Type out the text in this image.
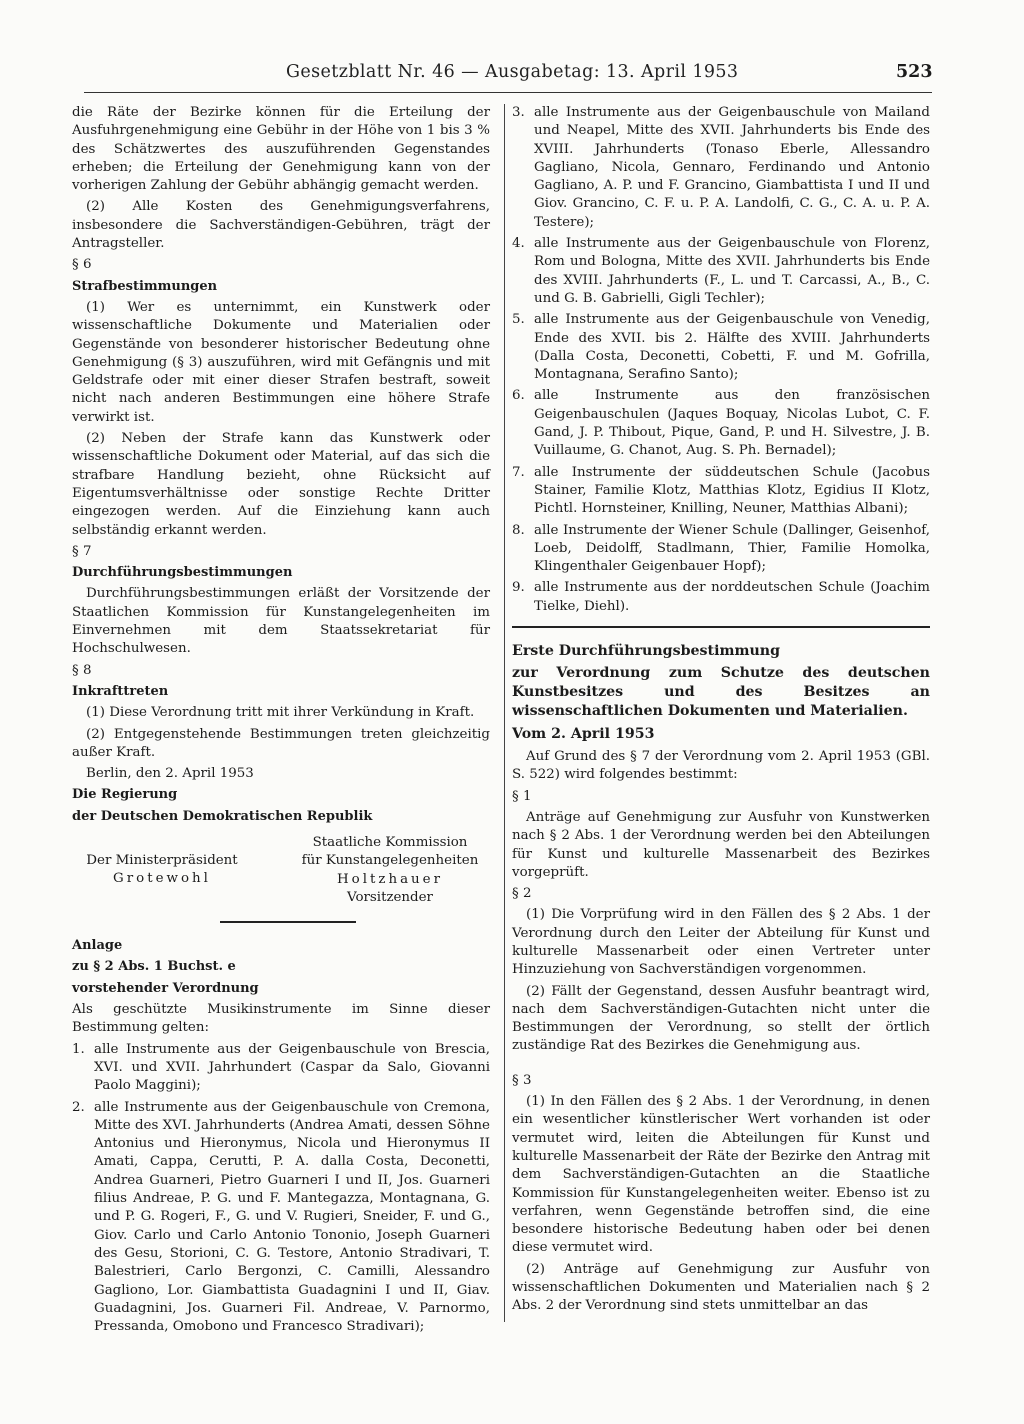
Gesetzblatt Nr. 46 — Ausgabetag: 13. April 1953	523

die Räte der Bezirke können für die Erteilung der Ausfuhrgenehmigung eine Gebühr in der Höhe von 1 bis 3 % des Schätzwertes des auszuführenden Gegenstandes erheben; die Erteilung der Genehmigung kann von der vorherigen Zahlung der Gebühr abhängig gemacht werden.

(2) Alle Kosten des Genehmigungsverfahrens, insbesondere die Sachverständigen-Gebühren, trägt der Antragsteller.

§ 6

Strafbestimmungen

(1) Wer es unternimmt, ein Kunstwerk oder wissenschaftliche Dokumente und Materialien oder Gegenstände von besonderer historischer Bedeutung ohne Genehmigung (§ 3) auszuführen, wird mit Gefängnis und mit Geldstrafe oder mit einer dieser Strafen bestraft, soweit nicht nach anderen Bestimmungen eine höhere Strafe verwirkt ist.

(2) Neben der Strafe kann das Kunstwerk oder wissenschaftliche Dokument oder Material, auf das sich die strafbare Handlung bezieht, ohne Rücksicht auf Eigentumsverhältnisse oder sonstige Rechte Dritter eingezogen werden. Auf die Einziehung kann auch selbständig erkannt werden.

§ 7

Durchführungsbestimmungen

Durchführungsbestimmungen erläßt der Vorsitzende der Staatlichen Kommission für Kunstangelegenheiten im Einvernehmen mit dem Staatssekretariat für Hochschulwesen.

§ 8

Inkrafttreten

(1) Diese Verordnung tritt mit ihrer Verkündung in Kraft.

(2) Entgegenstehende Bestimmungen treten gleichzeitig außer Kraft.

Berlin, den 2. April 1953

Die Regierung

der Deutschen Demokratischen Republik

Der Ministerpräsident
Grotewohl
Staatliche Kommission
für Kunstangelegenheiten
Holtzhauer
Vorsitzender

Anlage

zu § 2 Abs. 1 Buchst. e

vorstehender Verordnung

Als geschützte Musikinstrumente im Sinne dieser Bestimmung gelten:

1. alle Instrumente aus der Geigenbauschule von Brescia, XVI. und XVII. Jahrhundert (Caspar da Salo, Giovanni Paolo Maggini);
2. alle Instrumente aus der Geigenbauschule von Cremona, Mitte des XVI. Jahrhunderts (Andrea Amati, dessen Söhne Antonius und Hieronymus, Nicola und Hieronymus II Amati, Cappa, Cerutti, P. A. dalla Costa, Deconetti, Andrea Guarneri, Pietro Guarneri I und II, Jos. Guarneri filius Andreae, P. G. und F. Mantegazza, Montagnana, G. und P. G. Rogeri, F., G. und V. Rugieri, Sneider, F. und G., Giov. Carlo und Carlo Antonio Tononio, Joseph Guarneri des Gesu, Storioni, C. G. Testore, Antonio Stradivari, T. Balestrieri, Carlo Bergonzi, C. Camilli, Alessandro Gagliono, Lor. Giambattista Guadagnini I und II, Giav. Guadagnini, Jos. Guarneri Fil. Andreae, V. Parnormo, Pressanda, Omobono und Francesco Stradivari);
3. alle Instrumente aus der Geigenbauschule von Mailand und Neapel, Mitte des XVII. Jahrhunderts bis Ende des XVIII. Jahrhunderts (Tonaso Eberle, Allessandro Gagliano, Nicola, Gennaro, Ferdinando und Antonio Gagliano, A. P. und F. Grancino, Giambattista I und II und Giov. Grancino, C. F. u. P. A. Landolfi, C. G., C. A. u. P. A. Testere);
4. alle Instrumente aus der Geigenbauschule von Florenz, Rom und Bologna, Mitte des XVII. Jahrhunderts bis Ende des XVIII. Jahrhunderts (F., L. und T. Carcassi, A., B., C. und G. B. Gabrielli, Gigli Techler);
5. alle Instrumente aus der Geigenbauschule von Venedig, Ende des XVII. bis 2. Hälfte des XVIII. Jahrhunderts (Dalla Costa, Deconetti, Cobetti, F. und M. Gofrilla, Montagnana, Serafino Santo);
6. alle Instrumente aus den französischen Geigenbauschulen (Jaques Boquay, Nicolas Lubot, C. F. Gand, J. P. Thibout, Pique, Gand, P. und H. Silvestre, J. B. Vuillaume, G. Chanot, Aug. S. Ph. Bernadel);
7. alle Instrumente der süddeutschen Schule (Jacobus Stainer, Familie Klotz, Matthias Klotz, Egidius II Klotz, Pichtl. Hornsteiner, Knilling, Neuner, Matthias Albani);
8. alle Instrumente der Wiener Schule (Dallinger, Geisenhof, Loeb, Deidolff, Stadlmann, Thier, Familie Homolka, Klingenthaler Geigenbauer Hopf);
9. alle Instrumente aus der norddeutschen Schule (Joachim Tielke, Diehl).

Erste Durchführungsbestimmung

zur Verordnung zum Schutze des deutschen Kunstbesitzes und des Besitzes an wissenschaftlichen Dokumenten und Materialien.

Vom 2. April 1953

Auf Grund des § 7 der Verordnung vom 2. April 1953 (GBl. S. 522) wird folgendes bestimmt:

§ 1

Anträge auf Genehmigung zur Ausfuhr von Kunstwerken nach § 2 Abs. 1 der Verordnung werden bei den Abteilungen für Kunst und kulturelle Massenarbeit des Bezirkes vorgeprüft.

§ 2

(1) Die Vorprüfung wird in den Fällen des § 2 Abs. 1 der Verordnung durch den Leiter der Abteilung für Kunst und kulturelle Massenarbeit oder einen Vertreter unter Hinzuziehung von Sachverständigen vorgenommen.

(2) Fällt der Gegenstand, dessen Ausfuhr beantragt wird, nach dem Sachverständigen-Gutachten nicht unter die Bestimmungen der Verordnung, so stellt der örtlich zuständige Rat des Bezirkes die Genehmigung aus.

§ 3

(1) In den Fällen des § 2 Abs. 1 der Verordnung, in denen ein wesentlicher künstlerischer Wert vorhanden ist oder vermutet wird, leiten die Abteilungen für Kunst und kulturelle Massenarbeit der Räte der Bezirke den Antrag mit dem Sachverständigen-Gutachten an die Staatliche Kommission für Kunstangelegenheiten weiter. Ebenso ist zu verfahren, wenn Gegenstände betroffen sind, die eine besondere historische Bedeutung haben oder bei denen diese vermutet wird.

(2) Anträge auf Genehmigung zur Ausfuhr von wissenschaftlichen Dokumenten und Materialien nach § 2 Abs. 2 der Verordnung sind stets unmittelbar an das
